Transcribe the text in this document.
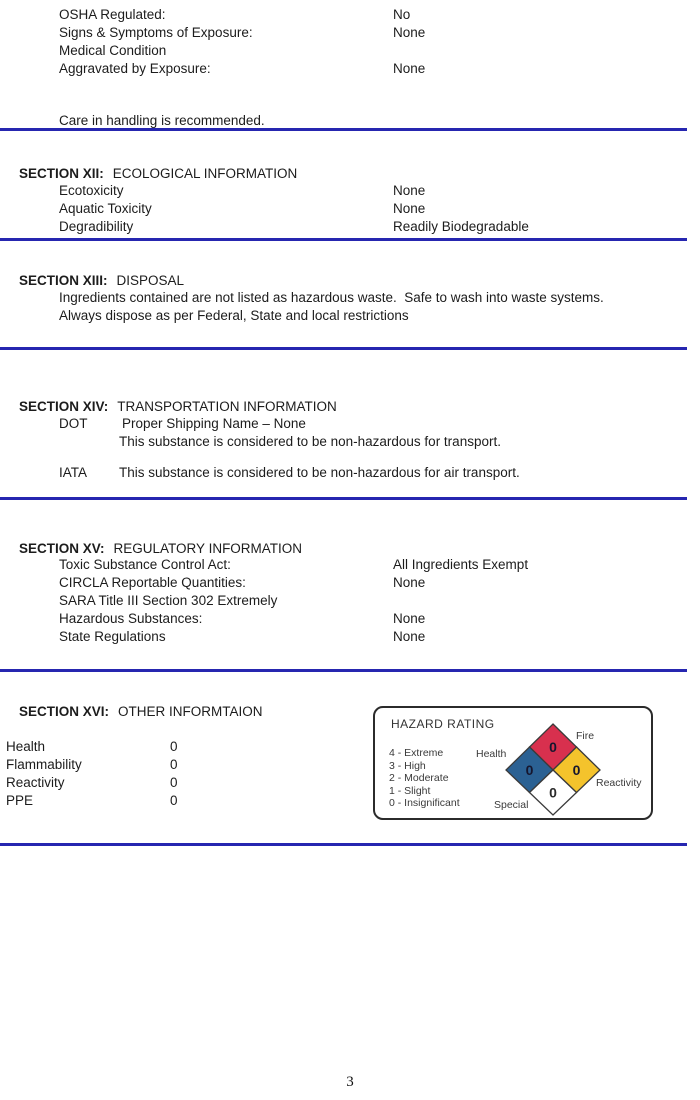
OSHA Regulated:	No
Signs & Symptoms of Exposure:	None
Medical Condition
Aggravated by Exposure:	None
Care in handling is recommended.

SECTION XII: ECOLOGICAL INFORMATION

Ecotoxicity	None
Aquatic Toxicity	None
Degradibility	Readily Biodegradable

SECTION XIII: DISPOSAL

Ingredients contained are not listed as hazardous waste.  Safe to wash into waste systems.
Always dispose as per Federal, State and local restrictions

SECTION XIV: TRANSPORTATION INFORMATION

DOT	Proper Shipping Name – None
This substance is considered to be non-hazardous for transport.
IATA This substance is considered to be non-hazardous for air transport.

SECTION XV: REGULATORY INFORMATION

Toxic Substance Control Act:	All Ingredients Exempt
CIRCLA Reportable Quantities:	None
SARA Title III Section 302 Extremely
Hazardous Substances:	None
State Regulations	None

SECTION XVI: OTHER INFORMTAION

Health	0
Flammability	0
Reactivity	0
PPE	0
HAZARD RATING
4 - Extreme
3 - High
2 - Moderate
1 - Slight
0 - Insignificant
Fire
Health
Reactivity
Special
0
0	0
0
3
